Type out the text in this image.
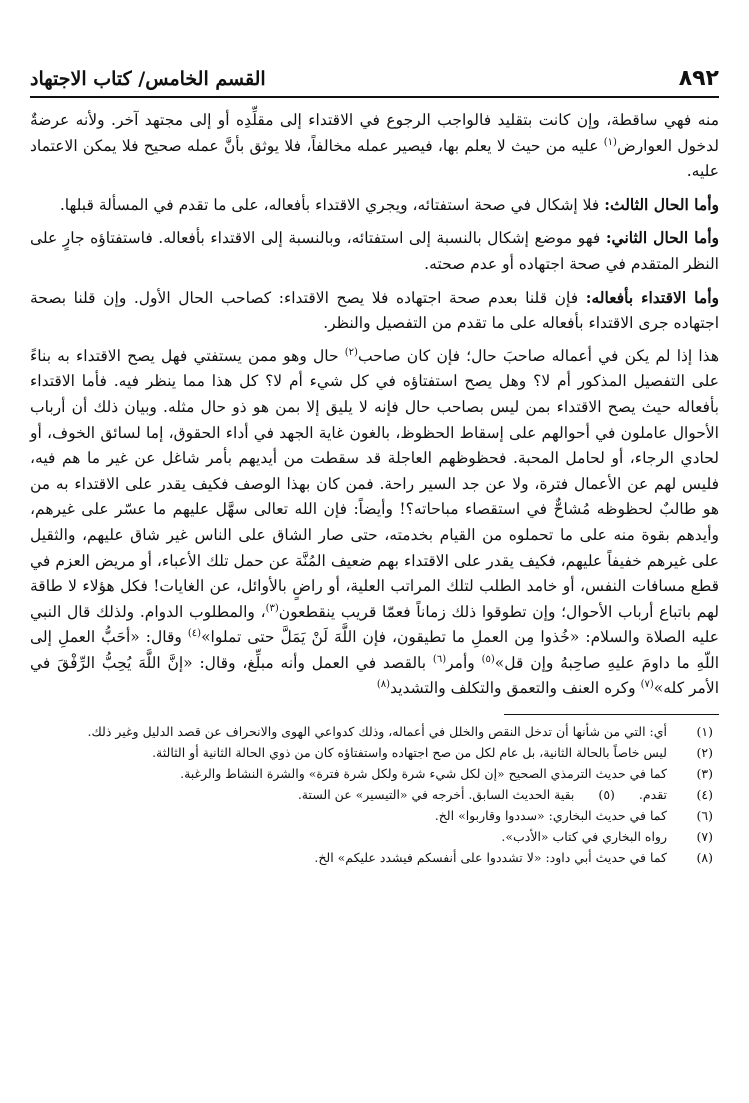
٨٩٢
القسم الخامس/ كتاب الاجتهاد

منه فهي ساقطة، وإن كانت بتقليد فالواجب الرجوع في الاقتداء إلى مقلِّدِه أو إلى مجتهد آخر. ولأنه عرضةٌ لدخول العوارض$^{(١)}$ عليه من حيث لا يعلم بها، فيصير عمله مخالفاً، فلا يوثق بأنَّ عمله صحيح فلا يمكن الاعتماد عليه.

وأما الحال الثالث: فلا إشكال في صحة استفتائه، ويجري الاقتداء بأفعاله، على ما تقدم في المسألة قبلها.

وأما الحال الثاني: فهو موضع إشكال بالنسبة إلى استفتائه، وبالنسبة إلى الاقتداء بأفعاله. فاستفتاؤه جارٍ على النظر المتقدم في صحة اجتهاده أو عدم صحته.

وأما الاقتداء بأفعاله: فإن قلنا بعدم صحة اجتهاده فلا يصح الاقتداء: كصاحب الحال الأول. وإن قلنا بصحة اجتهاده جرى الاقتداء بأفعاله على ما تقدم من التفصيل والنظر.

هذا إذا لم يكن في أعماله صاحبَ حال؛ فإن كان صاحب$^{(٢)}$ حال وهو ممن يستفتي فهل يصح الاقتداء به بناءً على التفصيل المذكور أم لا؟ وهل يصح استفتاؤه في كل شيء أم لا؟ كل هذا مما ينظر فيه. فأما الاقتداء بأفعاله حيث يصح الاقتداء بمن ليس بصاحب حال فإنه لا يليق إلا بمن هو ذو حال مثله. وبيان ذلك أن أرباب الأحوال عاملون في أحوالهم على إسقاط الحظوظ، بالغون غاية الجهد في أداء الحقوق، إما لسائق الخوف، أو لحادي الرجاء، أو لحامل المحبة. فحظوظهم العاجلة قد سقطت من أيديهم بأمر شاغل عن غير ما هم فيه، فليس لهم عن الأعمال فترة، ولا عن جد السير راحة. فمن كان بهذا الوصف فكيف يقدر على الاقتداء به من هو طالبٌ لحظوظه مُشاحٌّ في استقصاء مباحاته؟! وأيضاً: فإن الله تعالى سهَّل عليهم ما عسّر على غيرهم، وأيدهم بقوة منه على ما تحملوه من القيام بخدمته، حتى صار الشاق على الناس غير شاق عليهم، والثقيل على غيرهم خفيفاً عليهم، فكيف يقدر على الاقتداء بهم ضعيف المُنَّة عن حمل تلك الأعباء، أو مريض العزم في قطع مسافات النفس، أو خامد الطلب لتلك المراتب العلية، أو راضٍ بالأوائل، عن الغايات! فكل هؤلاء لا طاقة لهم باتباع أرباب الأحوال؛ وإن تطوقوا ذلك زماناً فعمّا قريب ينقطعون$^{(٣)}$، والمطلوب الدوام. ولذلك قال النبي عليه الصلاة والسلام: «خُذوا مِن العملِ ما تطيقون، فإن اللَّهَ لَنْ يَمَلَّ حتى تملوا»$^{(٤)}$ وقال: «أحَبُّ العملِ إلى اللّهِ ما داومَ عليهِ صاحِبهُ وإن قل»$^{(٥)}$ وأمر$^{(٦)}$ بالقصد في العمل وأنه مبلِّغ، وقال: «إنَّ اللَّهَ يُحِبُّ الرِّفْقَ في الأمر كله»$^{(٧)}$ وكره العنف والتعمق والتكلف والتشديد$^{(٨)}$

(١)
أي: التي من شأنها أن تدخل النقص والخلل في أعماله، وذلك كدواعي الهوى والانحراف عن قصد الدليل وغير ذلك.
(٢)
ليس خاصاً بالحالة الثانية، بل عام لكل من صح اجتهاده واستفتاؤه كان من ذوي الحالة الثانية أو الثالثة.
(٣)
كما في حديث الترمذي الصحيح «إن لكل شيء شرة ولكل شرة فترة» والشرة النشاط والرغبة.
(٤)
تقدم.(٥)بقية الحديث السابق. أخرجه في «التيسير» عن الستة.
(٦)
كما في حديث البخاري: «سددوا وقاربوا» الخ.
(٧)
رواه البخاري في كتاب «الأدب».
(٨)
كما في حديث أبي داود: «لا تشددوا على أنفسكم فيشدد عليكم» الخ.
